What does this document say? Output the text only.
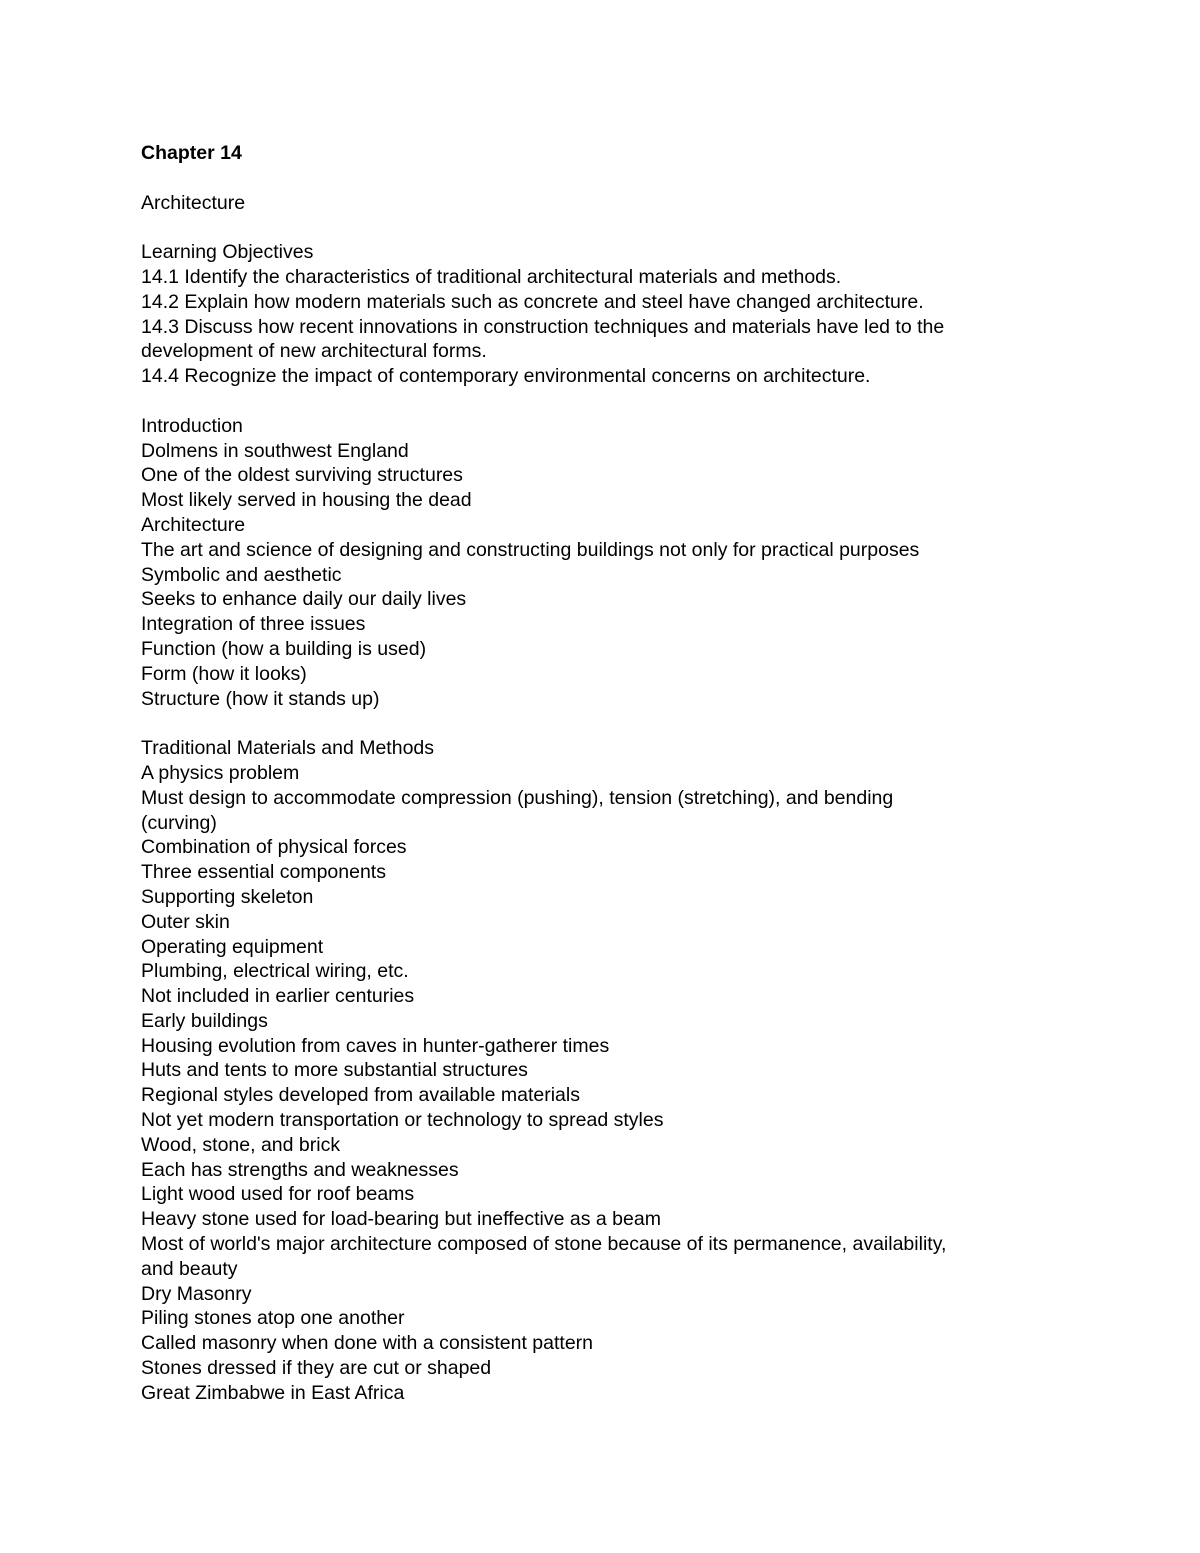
Chapter 14
Architecture
Learning Objectives
14.1 Identify the characteristics of traditional architectural materials and methods.
14.2 Explain how modern materials such as concrete and steel have changed architecture.
14.3 Discuss how recent innovations in construction techniques and materials have led to the
development of new architectural forms.
14.4 Recognize the impact of contemporary environmental concerns on architecture.
Introduction
Dolmens in southwest England
One of the oldest surviving structures
Most likely served in housing the dead
Architecture
The art and science of designing and constructing buildings not only for practical purposes
Symbolic and aesthetic
Seeks to enhance daily our daily lives
Integration of three issues
Function (how a building is used)
Form (how it looks)
Structure (how it stands up)
Traditional Materials and Methods
A physics problem
Must design to accommodate compression (pushing), tension (stretching), and bending
(curving)
Combination of physical forces
Three essential components
Supporting skeleton
Outer skin
Operating equipment
Plumbing, electrical wiring, etc.
Not included in earlier centuries
Early buildings
Housing evolution from caves in hunter-gatherer times
Huts and tents to more substantial structures
Regional styles developed from available materials
Not yet modern transportation or technology to spread styles
Wood, stone, and brick
Each has strengths and weaknesses
Light wood used for roof beams
Heavy stone used for load-bearing but ineffective as a beam
Most of world's major architecture composed of stone because of its permanence, availability,
and beauty
Dry Masonry
Piling stones atop one another
Called masonry when done with a consistent pattern
Stones dressed if they are cut or shaped
Great Zimbabwe in East Africa
